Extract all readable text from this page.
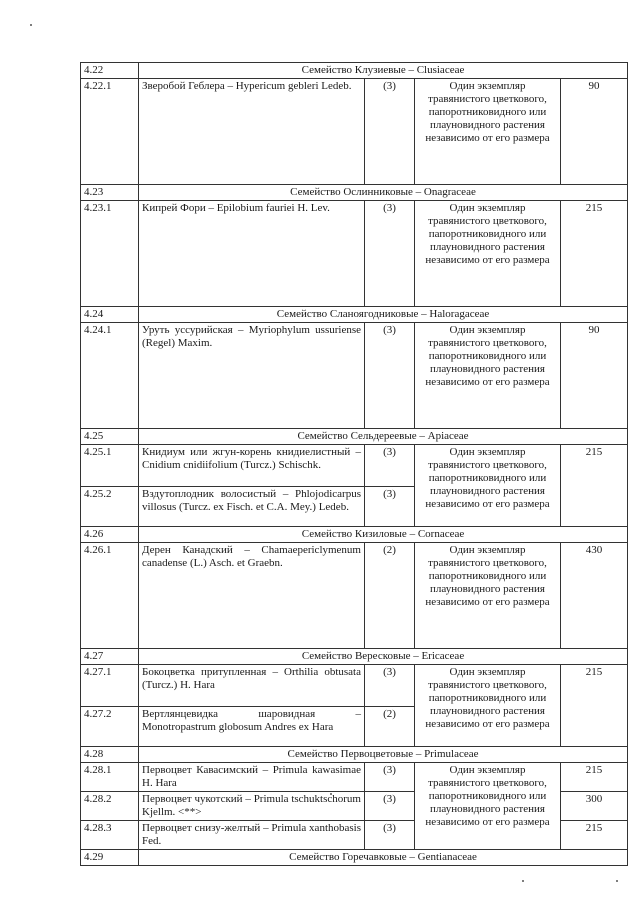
4.22	Семейство Клузиевые – Clusiaceae			
4.22.1	Зверобой Геблера – Hypericum gebleri Ledeb.	(3)	Один экземпляр травянистого цветкового, папоротниковидного или плауновидного растения независимо от его размера	90
4.23	Семейство Ослинниковые – Onagraceae			
4.23.1	Кипрей Фори – Epilobium fauriei H. Lev.	(3)	Один экземпляр травянистого цветкового, папоротниковидного или плауновидного растения независимо от его размера	215
4.24	Семейство Сланоягодниковые – Haloragaceae			
4.24.1	Уруть уссурийская – Myriophylum ussuriense (Regel) Maxim.	(3)	Один экземпляр травянистого цветкового, папоротниковидного или плауновидного растения независимо от его размера	90
4.25	Семейство Сельдереевые – Apiaceae			
4.25.1	Книдиум или жгун-корень книдиелистный – Cnidium cnidiifolium (Turcz.) Schischk.	(3)	Один экземпляр травянистого цветкового, папоротниковидного или плауновидного растения независимо от его размера	215
4.25.2	Вздутоплодник волосистый – Phlojodicarpus villosus (Turcz. ex Fisch. et C.A. Mey.) Ledeb.	(3)		
4.26	Семейство Кизиловые – Cornaceae			
4.26.1	Дерен Канадский – Chamaepericlymenum canadense (L.) Asch. et Graebn.	(2)	Один экземпляр травянистого цветкового, папоротниковидного или плауновидного растения независимо от его размера	430
4.27	Семейство Вересковые – Ericaceae			
4.27.1	Бокоцветка притупленная – Orthilia obtusata (Turcz.) H. Hara	(3)	Один экземпляр травянистого цветкового, папоротниковидного или плауновидного растения независимо от его размера	215
4.27.2	Вертлянцевидка шаровидная – Monotropastrum globosum Andres ex Hara	(2)		
4.28	Семейство Первоцветовые – Primulaceae			
4.28.1	Первоцвет Кавасимский – Primula kawasimae H. Hara	(3)	Один экземпляр травянистого цветкового, папоротниковидного или плауновидного растения независимо от его размера	215
4.28.2	Первоцвет чукотский – Primula tschuktschorum Kjellm. <**>	(3)		300
4.28.3	Первоцвет снизу-желтый – Primula xanthobasis Fed.	(3)		215
4.29	Семейство Горечавковые – Gentianaceae			
